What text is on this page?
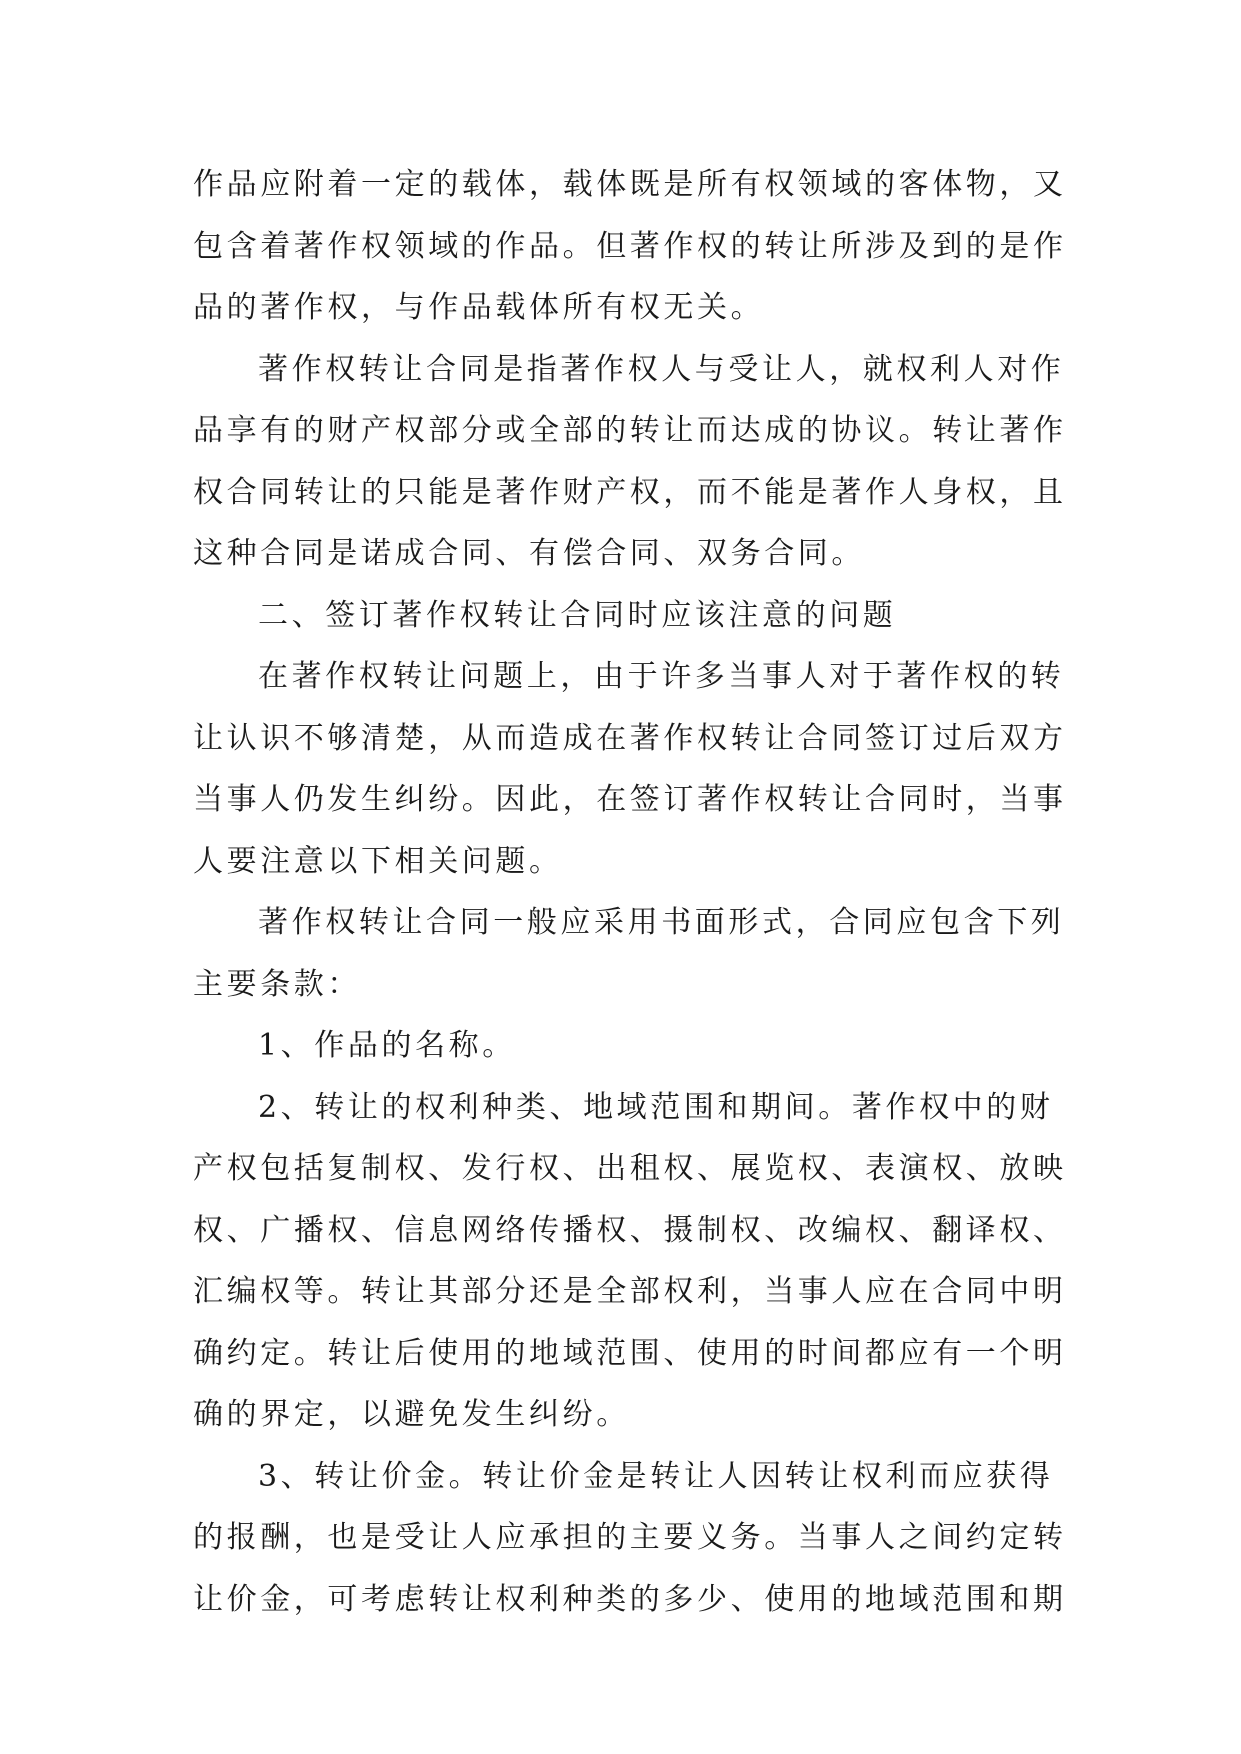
作品应附着一定的载体，载体既是所有权领域的客体物，又
包含着著作权领域的作品。但著作权的转让所涉及到的是作
品的著作权，与作品载体所有权无关。
著作权转让合同是指著作权人与受让人，就权利人对作
品享有的财产权部分或全部的转让而达成的协议。转让著作
权合同转让的只能是著作财产权，而不能是著作人身权，且
这种合同是诺成合同、有偿合同、双务合同。
二、签订著作权转让合同时应该注意的问题
在著作权转让问题上，由于许多当事人对于著作权的转
让认识不够清楚，从而造成在著作权转让合同签订过后双方
当事人仍发生纠纷。因此，在签订著作权转让合同时，当事
人要注意以下相关问题。
著作权转让合同一般应采用书面形式，合同应包含下列
主要条款：
1、作品的名称。
2、转让的权利种类、地域范围和期间。著作权中的财
产权包括复制权、发行权、出租权、展览权、表演权、放映
权、广播权、信息网络传播权、摄制权、改编权、翻译权、
汇编权等。转让其部分还是全部权利，当事人应在合同中明
确约定。转让后使用的地域范围、使用的时间都应有一个明
确的界定，以避免发生纠纷。
3、转让价金。转让价金是转让人因转让权利而应获得
的报酬，也是受让人应承担的主要义务。当事人之间约定转
让价金，可考虑转让权利种类的多少、使用的地域范围和期
